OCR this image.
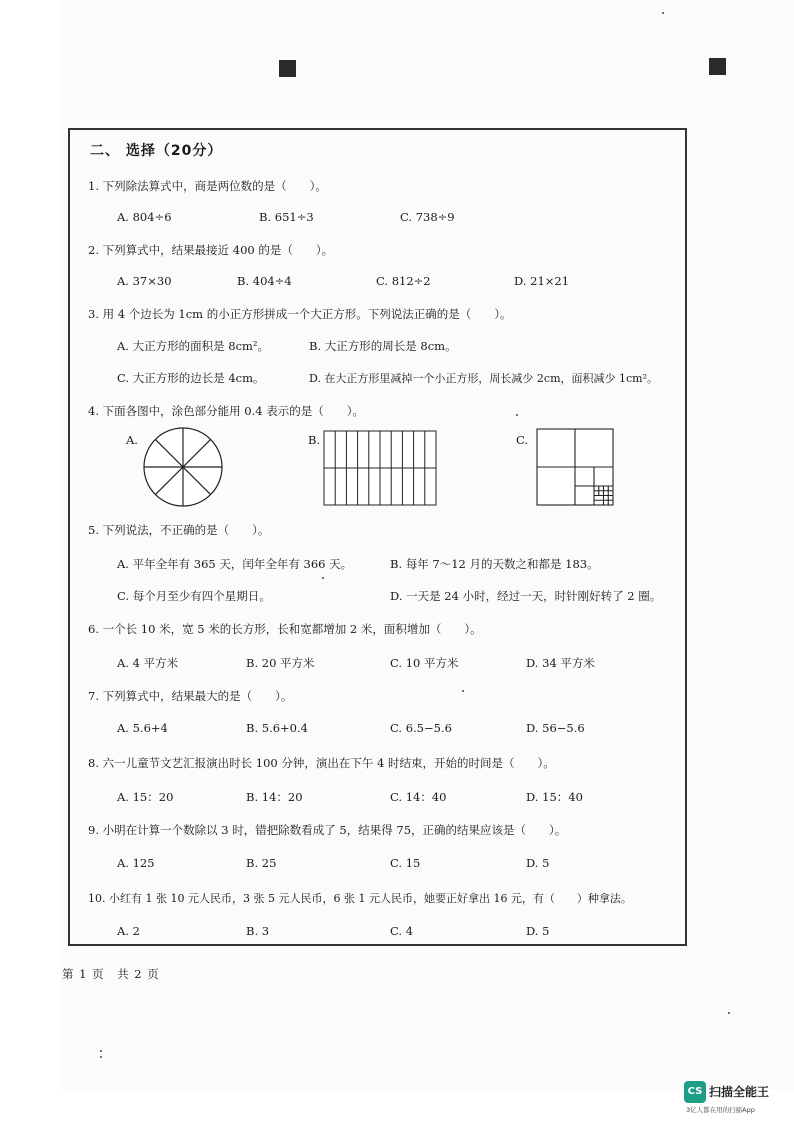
二、 选择（20分）
1. 下列除法算式中，商是两位数的是（　　）。
A. 804÷6	B. 651÷3	C. 738÷9
2. 下列算式中，结果最接近 400 的是（　　）。
A. 37×30	B. 404÷4	C. 812÷2	D. 21×21
3. 用 4 个边长为 1cm 的小正方形拼成一个大正方形。下列说法正确的是（　　）。
A. 大正方形的面积是 8cm²。	B. 大正方形的周长是 8cm。
C. 大正方形的边长是 4cm。	D. 在大正方形里减掉一个小正方形，周长减少 2cm，面积减少 1cm²。
4. 下面各图中，涂色部分能用 0.4 表示的是（　　）。
A.	B.	C.
5. 下列说法，不正确的是（　　）。
A. 平年全年有 365 天，闰年全年有 366 天。	B. 每年 7～12 月的天数之和都是 183。
C. 每个月至少有四个星期日。	D. 一天是 24 小时，经过一天，时针刚好转了 2 圈。
6. 一个长 10 米，宽 5 米的长方形，长和宽都增加 2 米，面积增加（　　）。
A. 4 平方米	B. 20 平方米	C. 10 平方米	D. 34 平方米
7. 下列算式中，结果最大的是（　　）。
A. 5.6+4	B. 5.6+0.4	C. 6.5−5.6	D. 56−5.6
8. 六一儿童节文艺汇报演出时长 100 分钟，演出在下午 4 时结束，开始的时间是（　　）。
A. 15：20	B. 14：20	C. 14：40	D. 15：40
9. 小明在计算一个数除以 3 时，错把除数看成了 5，结果得 75，正确的结果应该是（　　）。
A. 125	B. 25	C. 15	D. 5
10. 小红有 1 张 10 元人民币，3 张 5 元人民币，6 张 1 元人民币，她要正好拿出 16 元，有（　　）种拿法。
A. 2	B. 3	C. 4	D. 5
第 1 页　共 2 页
CS 扫描全能王
3亿人都在用的扫描App
